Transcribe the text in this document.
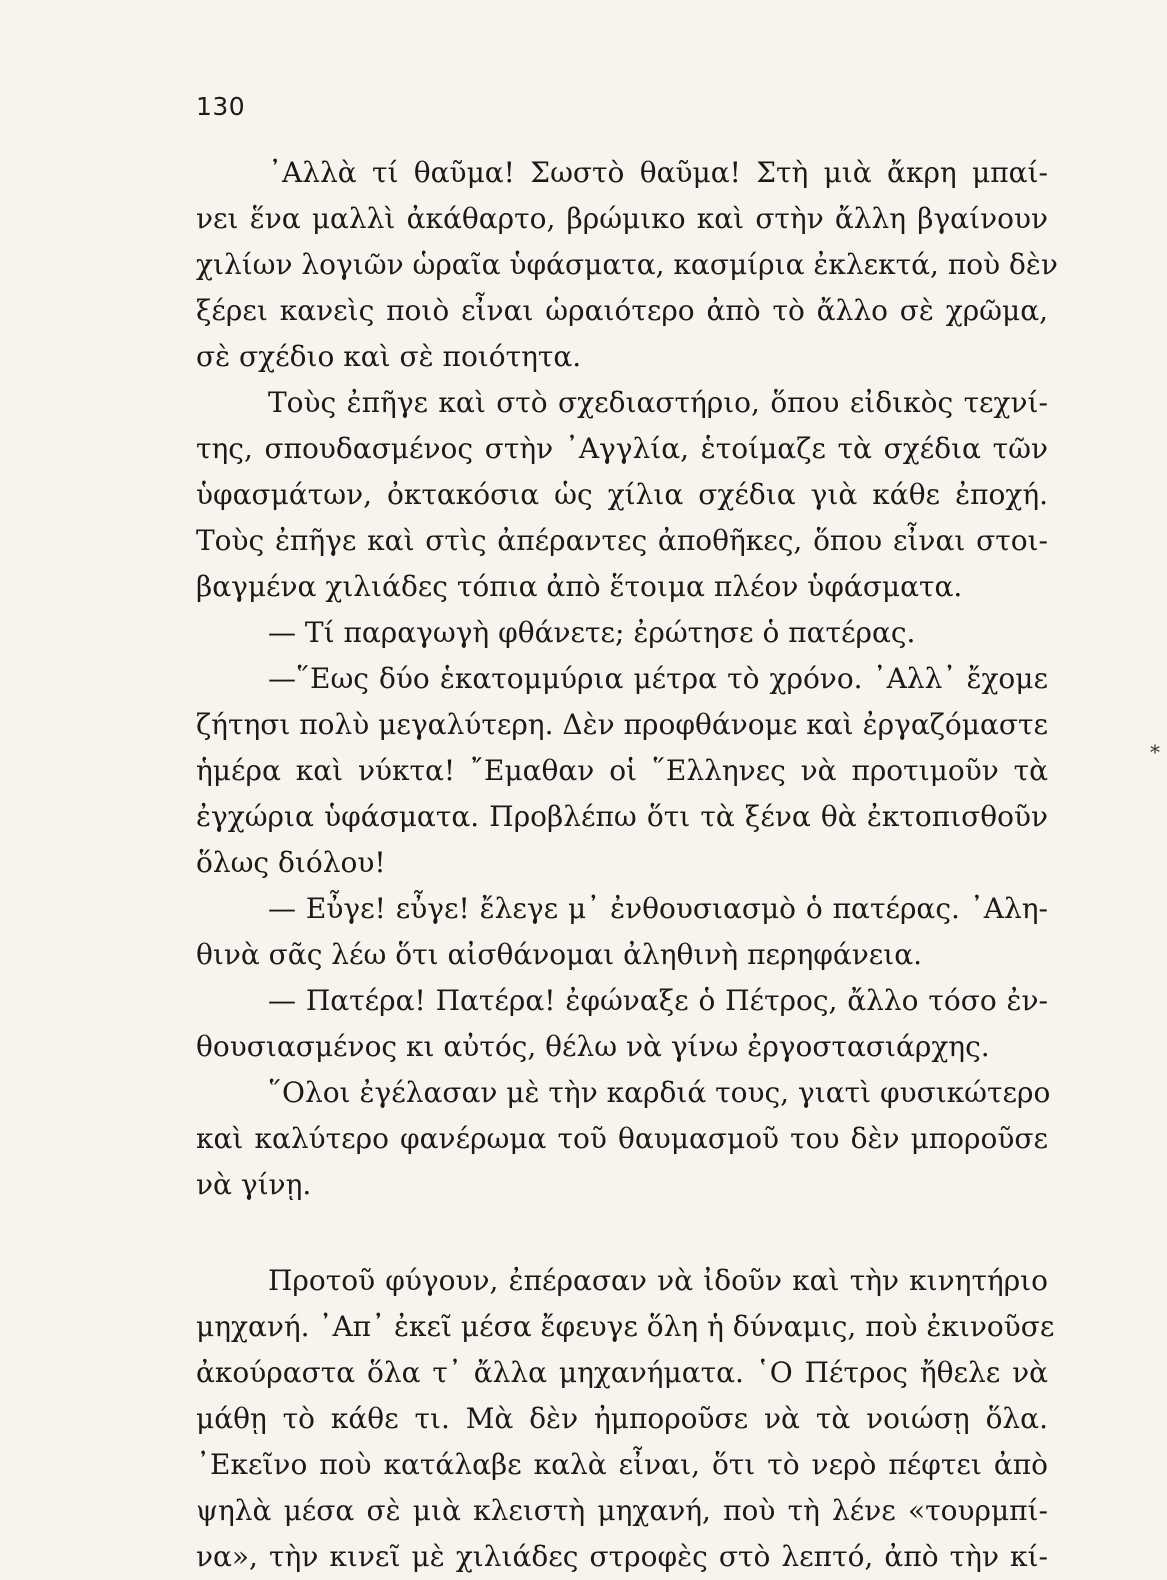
130
᾽Αλλὰ τί θαῦμα! Σωστὸ θαῦμα! Στὴ μιὰ ἄκρη μπαί-
νει ἕνα μαλλὶ ἀκάθαρτο, βρώμικο καὶ στὴν ἄλλη βγαίνουν
χιλίων λογιῶν ὡραῖα ὑφάσματα, κασμίρια ἐκλεκτά, ποὺ δὲν
ξέρει κανεὶς ποιὸ εἶναι ὡραιότερο ἀπὸ τὸ ἄλλο σὲ χρῶμα,
σὲ σχέδιο καὶ σὲ ποιότητα.
Τοὺς ἐπῆγε καὶ στὸ σχεδιαστήριο, ὅπου εἰδικὸς τεχνί-
της, σπουδασμένος στὴν ᾽Αγγλία, ἑτοίμαζε τὰ σχέδια τῶν
ὑφασμάτων, ὀκτακόσια ὡς χίλια σχέδια γιὰ κάθε ἐποχή.
Τοὺς ἐπῆγε καὶ στὶς ἀπέραντες ἀποθῆκες, ὅπου εἶναι στοι-
βαγμένα χιλιάδες τόπια ἀπὸ ἕτοιμα πλέον ὑφάσματα.
— Τί παραγωγὴ φθάνετε; ἐρώτησε ὁ πατέρας.
—῞Εως δύο ἑκατομμύρια μέτρα τὸ χρόνο. ᾽Αλλ᾽ ἔχομε
ζήτησι πολὺ μεγαλύτερη. Δὲν προφθάνομε καὶ ἐργαζόμαστε
ἡμέρα καὶ νύκτα! ῎Εμαθαν οἱ ῞Ελληνες νὰ προτιμοῦν τὰ
ἐγχώρια ὑφάσματα. Προβλέπω ὅτι τὰ ξένα θὰ ἐκτοπισθοῦν
ὅλως διόλου!
— Εὖγε! εὖγε! ἔλεγε μ᾽ ἐνθουσιασμὸ ὁ πατέρας. ᾽Αλη-
θινὰ σᾶς λέω ὅτι αἰσθάνομαι ἀληθινὴ περηφάνεια.
— Πατέρα! Πατέρα! ἐφώναξε ὁ Πέτρος, ἄλλο τόσο ἐν-
θουσιασμένος κι αὐτός, θέλω νὰ γίνω ἐργοστασιάρχης.
῞Ολοι ἐγέλασαν μὲ τὴν καρδιά τους, γιατὶ φυσικώτερο
καὶ καλύτερο φανέρωμα τοῦ θαυμασμοῦ του δὲν μποροῦσε
νὰ γίνῃ.
Προτοῦ φύγουν, ἐπέρασαν νὰ ἰδοῦν καὶ τὴν κινητήριο
μηχανή. ᾽Απ᾽ ἐκεῖ μέσα ἔφευγε ὅλη ἡ δύναμις, ποὺ ἐκινοῦσε
ἀκούραστα ὅλα τ᾽ ἄλλα μηχανήματα. ῾Ο Πέτρος ἤθελε νὰ
μάθῃ τὸ κάθε τι. Μὰ δὲν ἠμποροῦσε νὰ τὰ νοιώσῃ ὅλα.
᾽Εκεῖνο ποὺ κατάλαβε καλὰ εἶναι, ὅτι τὸ νερὸ πέφτει ἀπὸ
ψηλὰ μέσα σὲ μιὰ κλειστὴ μηχανή, ποὺ τὴ λένε «τουρμπί-
να», τὴν κινεῖ μὲ χιλιάδες στροφὲς στὸ λεπτό, ἀπὸ τὴν κί-
*
